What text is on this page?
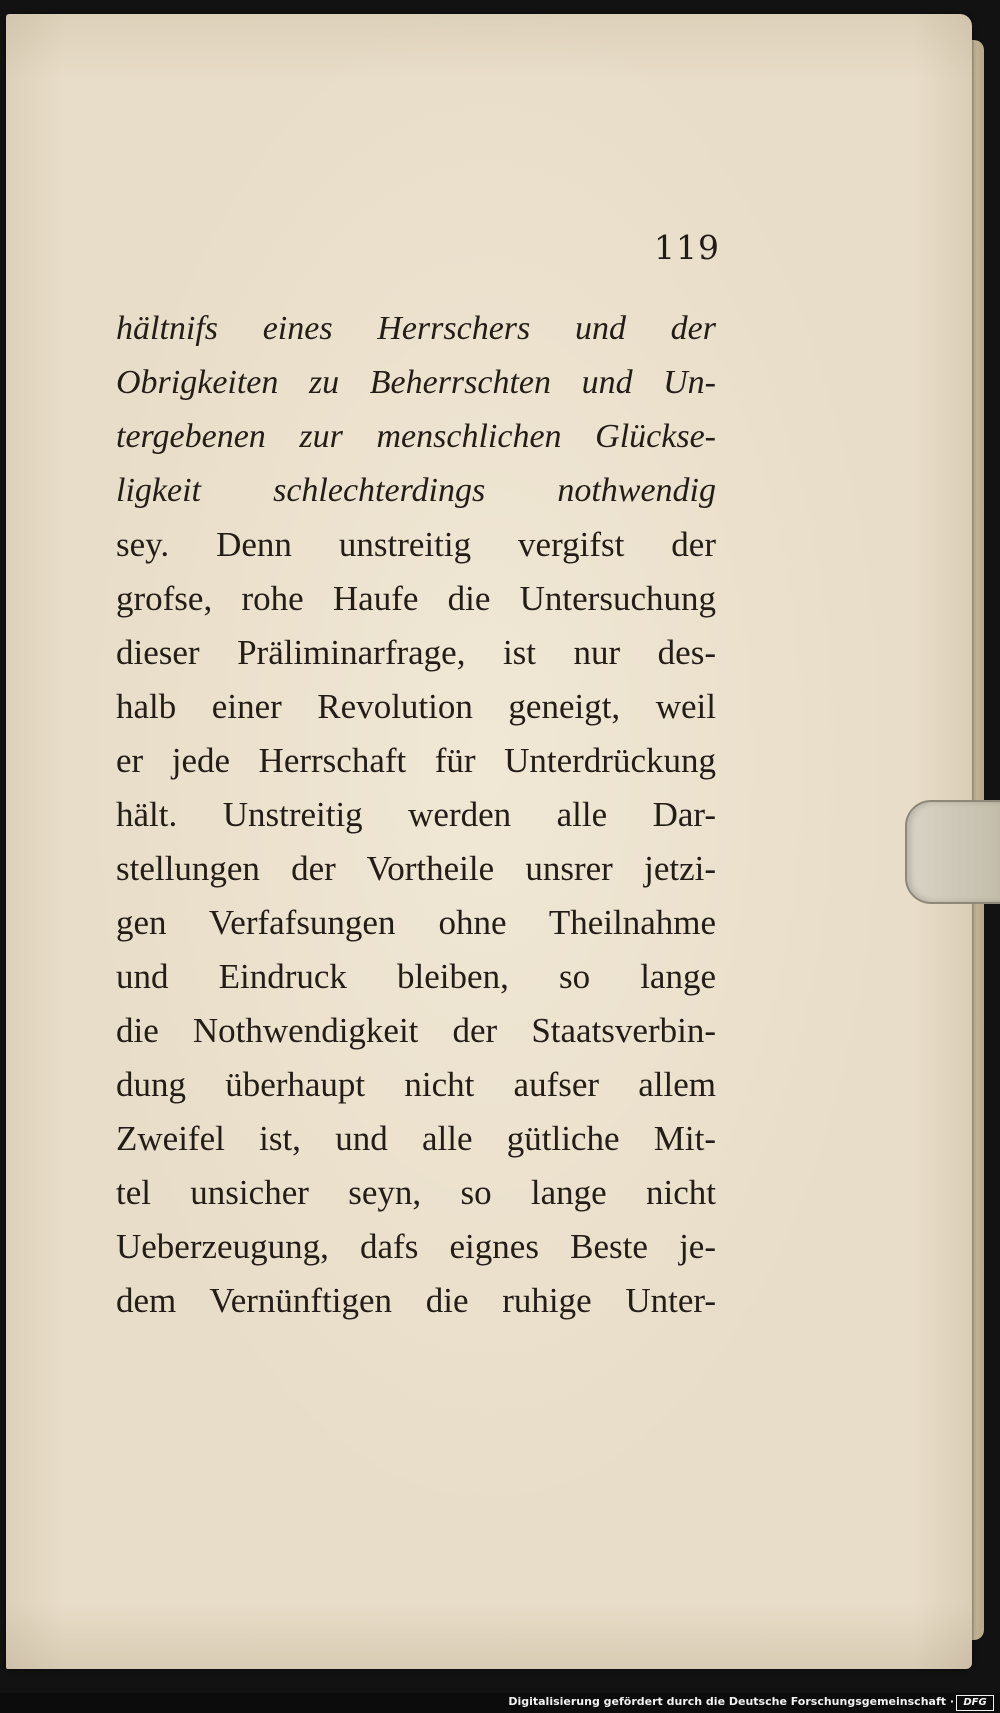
119
hältnifs eines Herrschers und der
Obrigkeiten zu Beherrschten und Un-
tergebenen zur menschlichen Glückse-
ligkeit schlechterdings nothwendig
sey. Denn unstreitig vergifst der
grofse, rohe Haufe die Untersuchung
dieser Präliminarfrage, ist nur des-
halb einer Revolution geneigt, weil
er jede Herrschaft für Unterdrückung
hält. Unstreitig werden alle Dar-
stellungen der Vortheile unsrer jetzi-
gen Verfafsungen ohne Theilnahme
und Eindruck bleiben, so lange
die Nothwendigkeit der Staatsverbin-
dung überhaupt nicht aufser allem
Zweifel ist, und alle gütliche Mit-
tel unsicher seyn, so lange nicht
Ueberzeugung, dafs eignes Beste je-
dem Vernünftigen die ruhige Unter-
Digitalisierung gefördert durch die Deutsche Forschungsgemeinschaft · DFG
